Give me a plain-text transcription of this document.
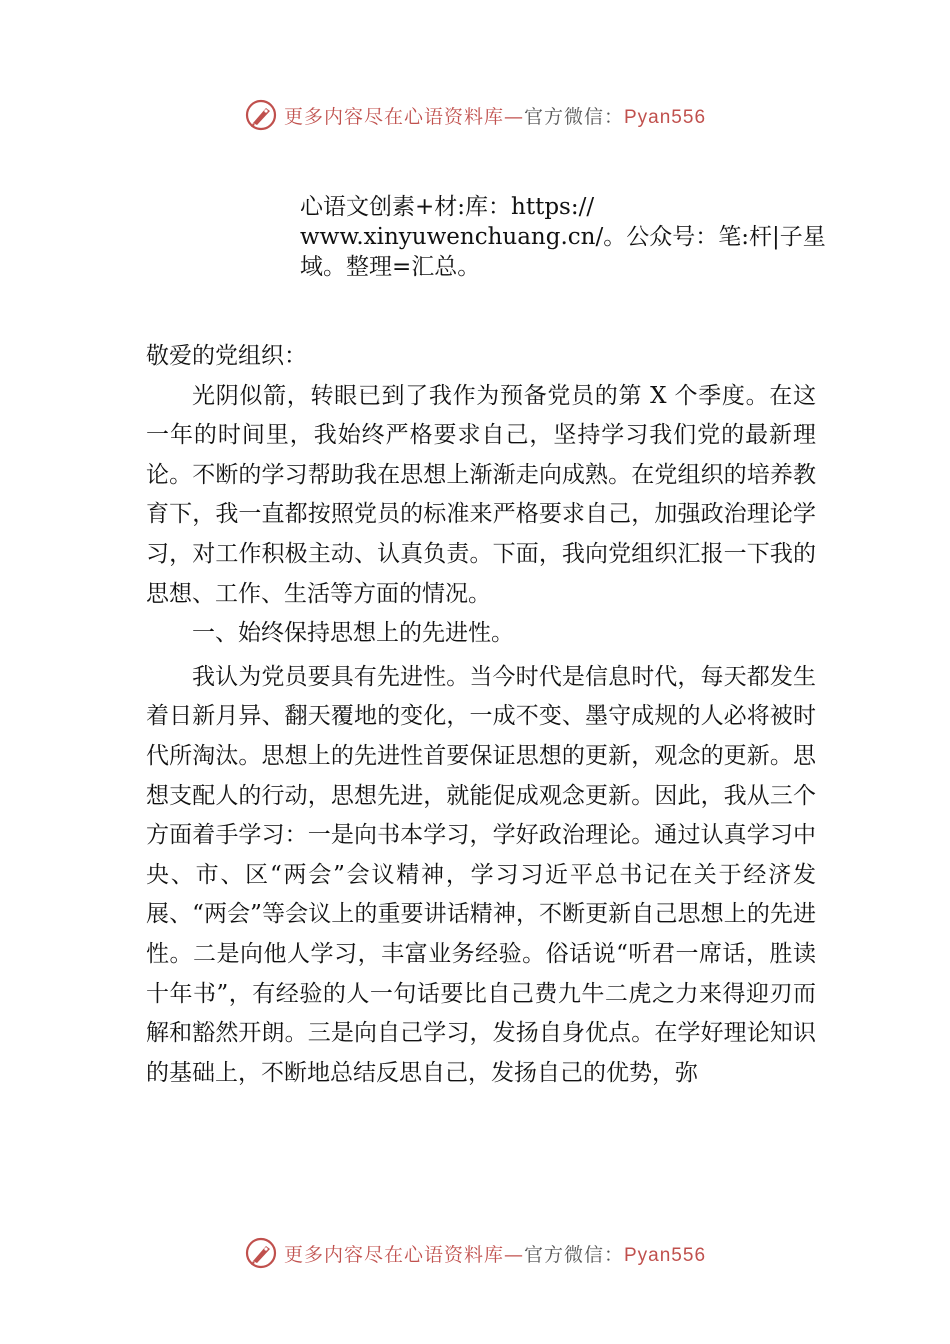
更多内容尽在心语资料库—官方微信：Pyan556
心语文创素+材:库：https://
www.xinyuwenchuang.cn/。公众号：笔:杆|子星
域。整理=汇总。

敬爱的党组织：

光阴似箭，转眼已到了我作为预备党员的第 X 个季度。在这一年的时间里，我始终严格要求自己，坚持学习我们党的最新理论。不断的学习帮助我在思想上渐渐走向成熟。在党组织的培养教育下，我一直都按照党员的标准来严格要求自己，加强政治理论学习，对工作积极主动、认真负责。下面，我向党组织汇报一下我的思想、工作、生活等方面的情况。

一、始终保持思想上的先进性。

我认为党员要具有先进性。当今时代是信息时代，每天都发生着日新月异、翻天覆地的变化，一成不变、墨守成规的人必将被时代所淘汰。思想上的先进性首要保证思想的更新，观念的更新。思想支配人的行动，思想先进，就能促成观念更新。因此，我从三个方面着手学习：一是向书本学习，学好政治理论。通过认真学习中央、市、区“两会”会议精神，学习习近平总书记在关于经济发展、“两会”等会议上的重要讲话精神，不断更新自己思想上的先进性。二是向他人学习，丰富业务经验。俗话说“听君一席话，胜读十年书”，有经验的人一句话要比自己费九牛二虎之力来得迎刃而解和豁然开朗。三是向自己学习，发扬自身优点。在学好理论知识的基础上，不断地总结反思自己，发扬自己的优势，弥

更多内容尽在心语资料库—官方微信：Pyan556
